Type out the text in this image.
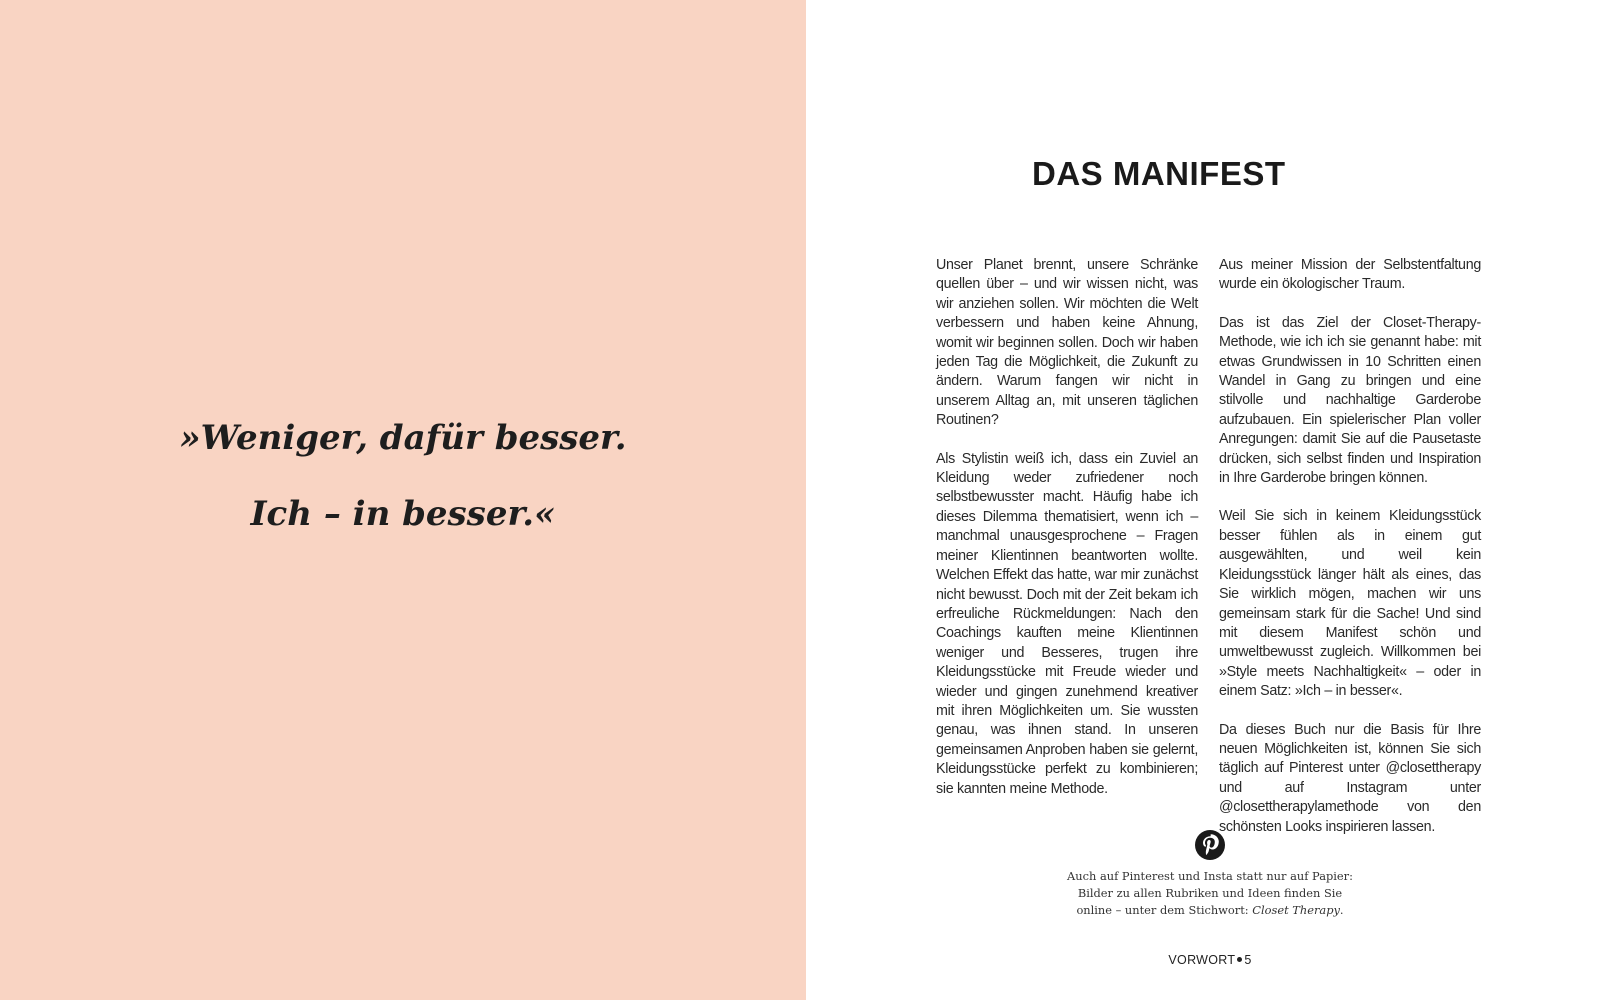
»Weniger, dafür besser.

Ich – in besser.«

DAS MANIFEST

Unser Planet brennt, unsere Schränke quellen über – und wir wissen nicht, was wir anziehen sollen. Wir möchten die Welt verbessern und haben keine Ahnung, womit wir beginnen sollen. Doch wir haben jeden Tag die Möglichkeit, die Zukunft zu ändern. Warum fangen wir nicht in unserem Alltag an, mit unseren täglichen Routinen?

Als Stylistin weiß ich, dass ein Zuviel an Kleidung weder zufriedener noch selbstbewusster macht. Häufig habe ich dieses Dilemma thematisiert, wenn ich – manchmal unausgesprochene – Fragen meiner Klientinnen beantworten wollte. Welchen Effekt das hatte, war mir zunächst nicht bewusst. Doch mit der Zeit bekam ich erfreuliche Rückmeldungen: Nach den Coachings kauften meine Klientinnen weniger und Besseres, trugen ihre Kleidungsstücke mit Freude wieder und wieder und gingen zunehmend kreativer mit ihren Möglichkeiten um. Sie wussten genau, was ihnen stand. In unseren gemeinsamen Anproben haben sie gelernt, Kleidungsstücke perfekt zu kombinieren; sie kannten meine Methode.

Aus meiner Mission der Selbstentfaltung wurde ein ökologischer Traum.

Das ist das Ziel der Closet-Therapy-Methode, wie ich ich sie genannt habe: mit etwas Grundwissen in 10 Schritten einen Wandel in Gang zu bringen und eine stilvolle und nachhaltige Garderobe aufzubauen. Ein spielerischer Plan voller Anregungen: damit Sie auf die Pausetaste drücken, sich selbst finden und Inspiration in Ihre Garderobe bringen können.

Weil Sie sich in keinem Kleidungsstück besser fühlen als in einem gut ausgewählten, und weil kein Kleidungsstück länger hält als eines, das Sie wirklich mögen, machen wir uns gemeinsam stark für die Sache! Und sind mit diesem Manifest schön und umweltbewusst zugleich. Willkommen bei »Style meets Nachhaltigkeit« – oder in einem Satz: »Ich – in besser«.

Da dieses Buch nur die Basis für Ihre neuen Möglichkeiten ist, können Sie sich täglich auf Pinterest unter @closettherapy und auf Instagram unter @closettherapylamethode von den schönsten Looks inspirieren lassen.

Auch auf Pinterest und Insta statt nur auf Papier:
Bilder zu allen Rubriken und Ideen finden Sie
online – unter dem Stichwort: Closet Therapy.

VORWORT 5
